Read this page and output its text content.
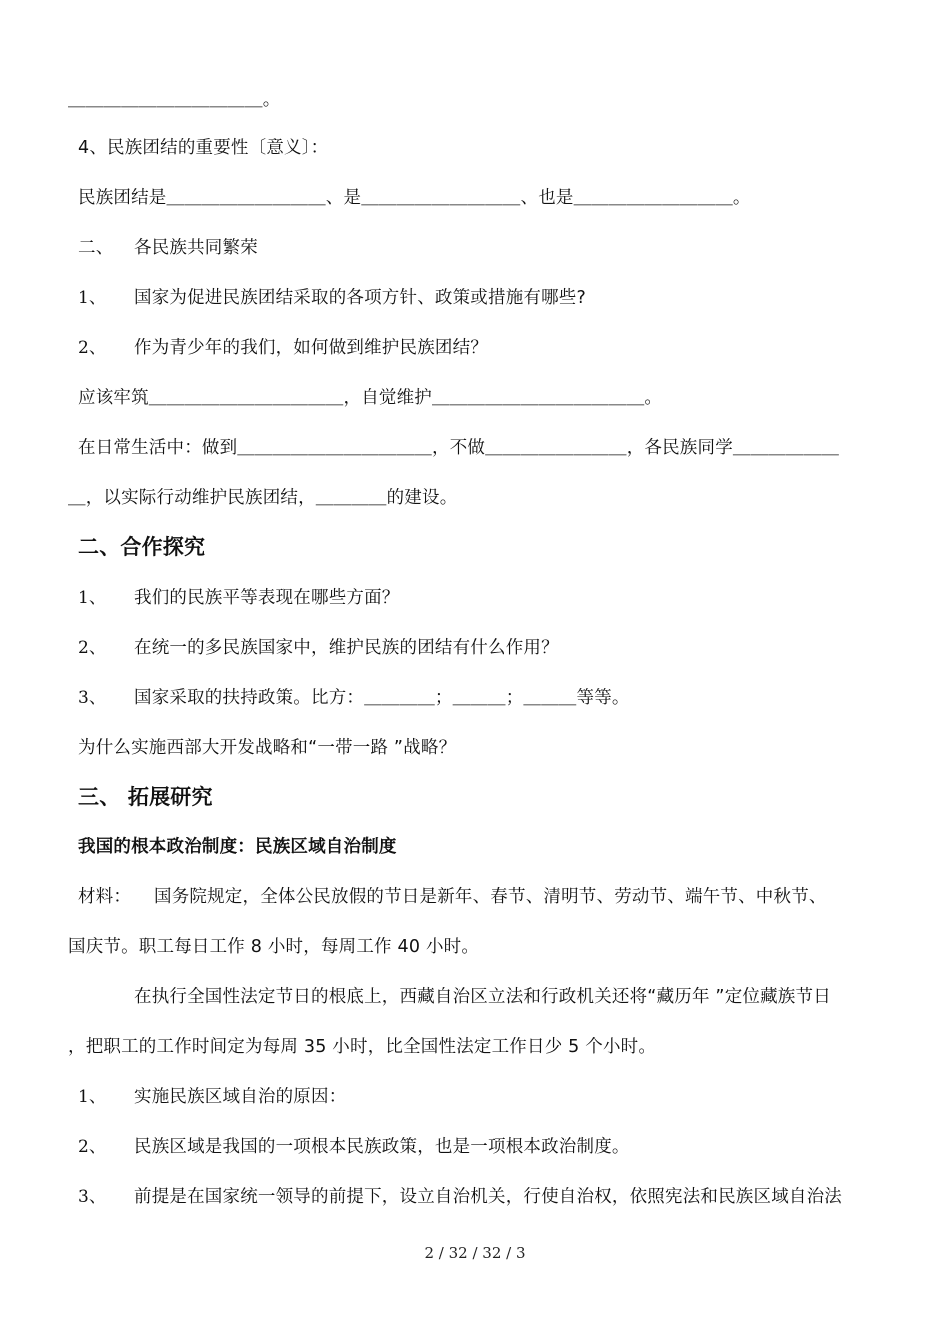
＿＿＿＿＿＿＿＿＿＿＿。
4、民族团结的重要性〔意义〕：
民族团结是＿＿＿＿＿＿＿＿＿、是＿＿＿＿＿＿＿＿＿、也是＿＿＿＿＿＿＿＿＿。
二、 各民族共同繁荣
1、 国家为促进民族团结采取的各项方针、政策或措施有哪些?
2、 作为青少年的我们，如何做到维护民族团结？
应该牢筑＿＿＿＿＿＿＿＿＿＿＿，自觉维护＿＿＿＿＿＿＿＿＿＿＿＿。
在日常生活中：做到＿＿＿＿＿＿＿＿＿＿＿，不做＿＿＿＿＿＿＿＿，各民族同学＿＿＿＿＿＿
＿，以实际行动维护民族团结，＿＿＿＿的建设。
二、合作探究
1、 我们的民族平等表现在哪些方面？
2、 在统一的多民族国家中，维护民族的团结有什么作用？
3、 国家采取的扶持政策。比方：＿＿＿＿；＿＿＿；＿＿＿等等。
为什么实施西部大开发战略和“一带一路 ”战略？
三、 拓展研究
我国的根本政治制度：民族区域自治制度
材料： 国务院规定，全体公民放假的节日是新年、春节、清明节、劳动节、端午节、中秋节、
国庆节。职工每日工作 8 小时，每周工作 40 小时。
在执行全国性法定节日的根底上，西藏自治区立法和行政机关还将“藏历年 ”定位藏族节日
，把职工的工作时间定为每周 35 小时，比全国性法定工作日少 5 个小时。
1、 实施民族区域自治的原因：
2、 民族区域是我国的一项根本民族政策，也是一项根本政治制度。
3、 前提是在国家统一领导的前提下，设立自治机关，行使自治权，依照宪法和民族区域自治法
2 / 32 / 32 / 3
